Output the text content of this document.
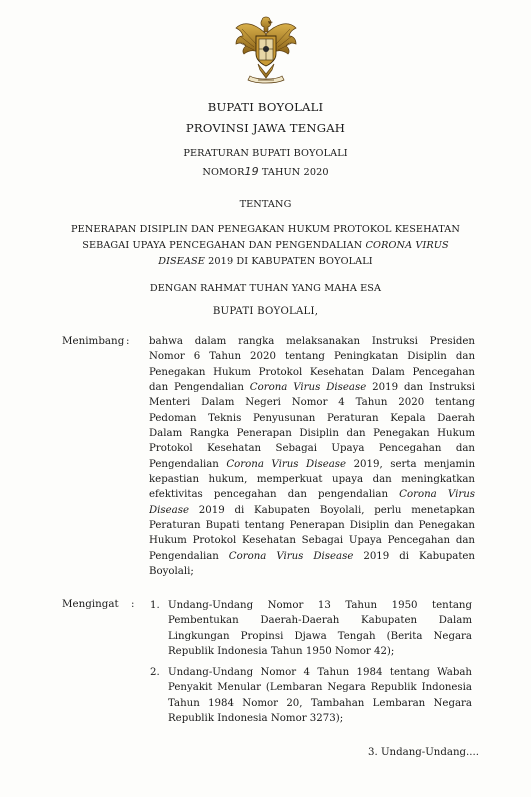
BUPATI BOYOLALI
PROVINSI JAWA TENGAH
PERATURAN BUPATI BOYOLALI
NOMOR19 TAHUN 2020
TENTANG
PENERAPAN DISIPLIN DAN PENEGAKAN HUKUM PROTOKOL KESEHATAN
SEBAGAI UPAYA PENCEGAHAN DAN PENGENDALIAN CORONA VIRUS
DISEASE 2019 DI KABUPATEN BOYOLALI
DENGAN RAHMAT TUHAN YANG MAHA ESA
BUPATI BOYOLALI,
Menimbang : bahwa dalam rangka melaksanakan Instruksi Presiden
Nomor 6 Tahun 2020 tentang Peningkatan Disiplin dan
Penegakan Hukum Protokol Kesehatan Dalam Pencegahan
dan Pengendalian Corona Virus Disease 2019 dan Instruksi
Menteri Dalam Negeri Nomor 4 Tahun 2020 tentang
Pedoman Teknis Penyusunan Peraturan Kepala Daerah
Dalam Rangka Penerapan Disiplin dan Penegakan Hukum
Protokol Kesehatan Sebagai Upaya Pencegahan dan
Pengendalian Corona Virus Disease 2019, serta menjamin
kepastian hukum, memperkuat upaya dan meningkatkan
efektivitas pencegahan dan pengendalian Corona Virus
Disease 2019 di Kabupaten Boyolali, perlu menetapkan
Peraturan Bupati tentang Penerapan Disiplin dan Penegakan
Hukum Protokol Kesehatan Sebagai Upaya Pencegahan dan
Pengendalian Corona Virus Disease 2019 di Kabupaten
Boyolali;
Mengingat : 1. Undang-Undang Nomor 13 Tahun 1950 tentang
Pembentukan Daerah-Daerah Kabupaten Dalam
Lingkungan Propinsi Djawa Tengah (Berita Negara
Republik Indonesia Tahun 1950 Nomor 42);
2. Undang-Undang Nomor 4 Tahun 1984 tentang Wabah
Penyakit Menular (Lembaran Negara Republik Indonesia
Tahun 1984 Nomor 20, Tambahan Lembaran Negara
Republik Indonesia Nomor 3273);
3. Undang-Undang....
